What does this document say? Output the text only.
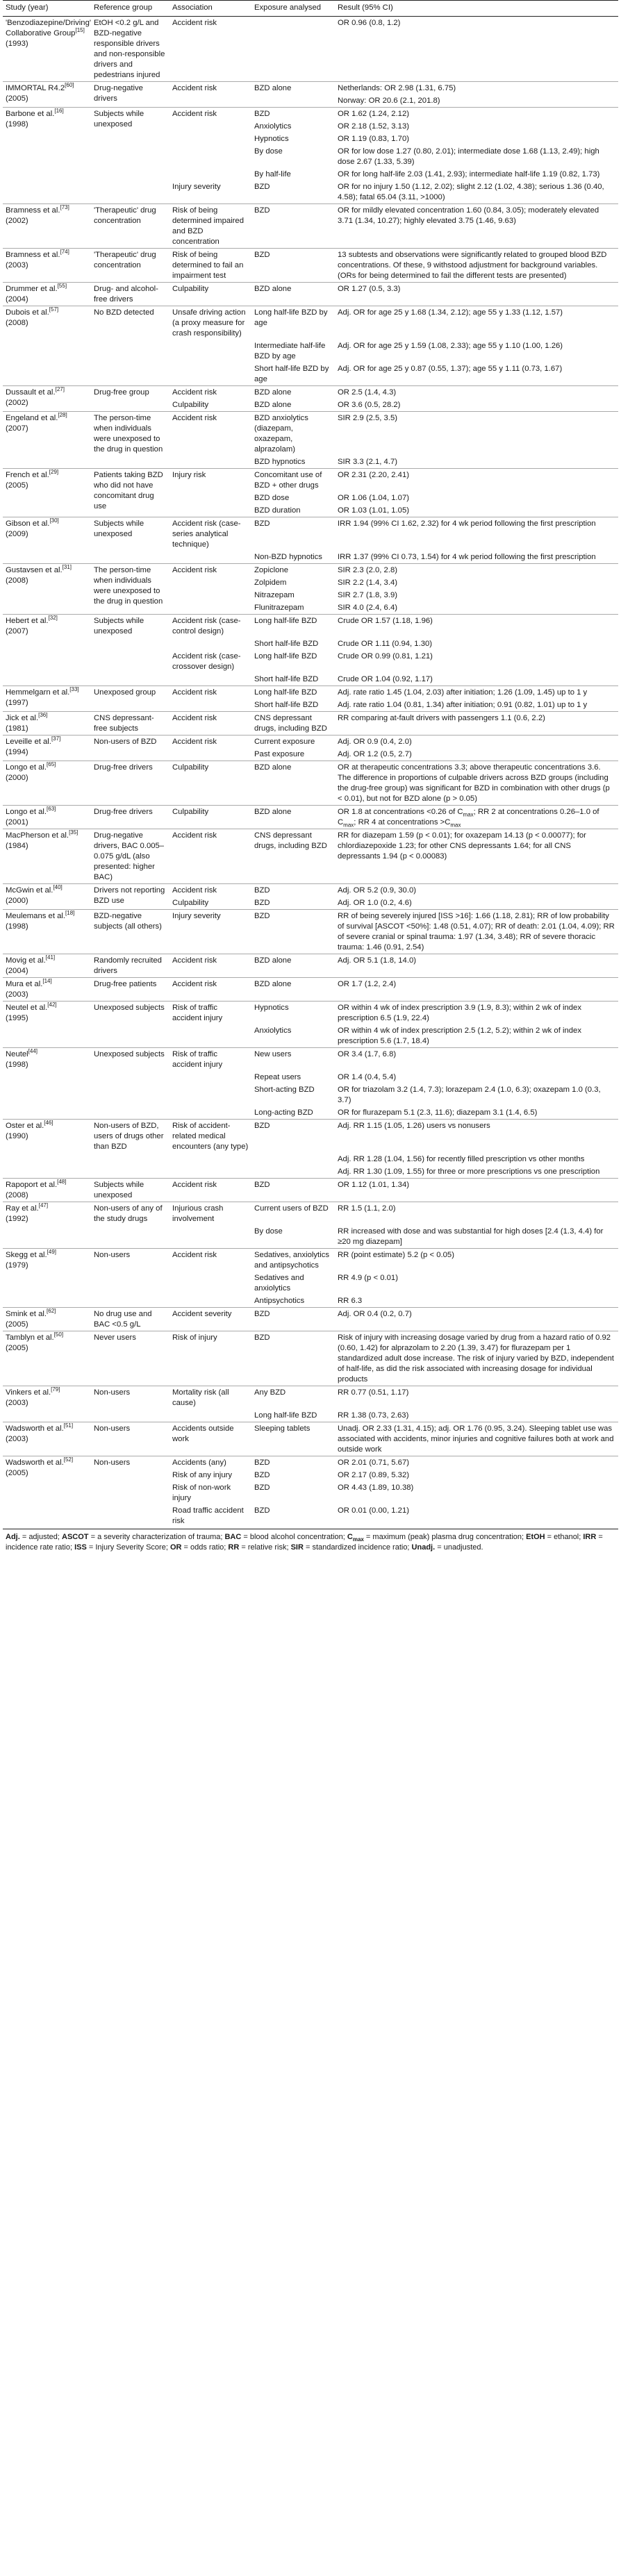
Study (year)	Reference group	Association	Exposure analysed	Result (95% CI)
'Benzodiazepine/Driving' Collaborative Group[15]
(1993)	EtOH <0.2 g/L and BZD-negative responsible drivers and non-responsible drivers and pedestrians injured	Accident risk		OR 0.96 (0.8, 1.2)
IMMORTAL R4.2[60]
(2005)	Drug-negative drivers	Accident risk	BZD alone	Netherlands: OR 2.98 (1.31, 6.75)
				Norway: OR 20.6 (2.1, 201.8)
Barbone et al.[16]
(1998)	Subjects while unexposed	Accident risk	BZD	OR 1.62 (1.24, 2.12)
			Anxiolytics	OR 2.18 (1.52, 3.13)
			Hypnotics	OR 1.19 (0.83, 1.70)
			By dose	OR for low dose 1.27 (0.80, 2.01); intermediate dose 1.68 (1.13, 2.49); high dose 2.67 (1.33, 5.39)
			By half-life	OR for long half-life 2.03 (1.41, 2.93); intermediate half-life 1.19 (0.82, 1.73)
		Injury severity	BZD	OR for no injury 1.50 (1.12, 2.02); slight 2.12 (1.02, 4.38); serious 1.36 (0.40, 4.58); fatal 65.04 (3.11, >1000)
Bramness et al.[73]
(2002)	'Therapeutic' drug concentration	Risk of being determined impaired and BZD concentration	BZD	OR for mildly elevated concentration 1.60 (0.84, 3.05); moderately elevated 3.71 (1.34, 10.27); highly elevated 3.75 (1.46, 9.63)
Bramness et al.[74]
(2003)	'Therapeutic' drug concentration	Risk of being determined to fail an impairment test	BZD	13 subtests and observations were significantly related to grouped blood BZD concentrations. Of these, 9 withstood adjustment for background variables. (ORs for being determined to fail the different tests are presented)
Drummer et al.[55]
(2004)	Drug- and alcohol-free drivers	Culpability	BZD alone	OR 1.27 (0.5, 3.3)
Dubois et al.[57]
(2008)	No BZD detected	Unsafe driving action (a proxy measure for crash responsibility)	Long half-life BZD by age	Adj. OR for age 25 y 1.68 (1.34, 2.12); age 55 y 1.33 (1.12, 1.57)
			Intermediate half-life BZD by age	Adj. OR for age 25 y 1.59 (1.08, 2.33); age 55 y 1.10 (1.00, 1.26)
			Short half-life BZD by age	Adj. OR for age 25 y 0.87 (0.55, 1.37); age 55 y 1.11 (0.73, 1.67)
Dussault et al.[27]
(2002)	Drug-free group	Accident risk	BZD alone	OR 2.5 (1.4, 4.3)
		Culpability	BZD alone	OR 3.6 (0.5, 28.2)
Engeland et al.[28]
(2007)	The person-time when individuals were unexposed to the drug in question	Accident risk	BZD anxiolytics (diazepam, oxazepam, alprazolam)	SIR 2.9 (2.5, 3.5)
			BZD hypnotics	SIR 3.3 (2.1, 4.7)
French et al.[29]
(2005)	Patients taking BZD who did not have concomitant drug use	Injury risk	Concomitant use of BZD + other drugs	OR 2.31 (2.20, 2.41)
			BZD dose	OR 1.06 (1.04, 1.07)
			BZD duration	OR 1.03 (1.01, 1.05)
Gibson et al.[30]
(2009)	Subjects while unexposed	Accident risk (case-series analytical technique)	BZD	IRR 1.94 (99% CI 1.62, 2.32) for 4 wk period following the first prescription
			Non-BZD hypnotics	IRR 1.37 (99% CI 0.73, 1.54) for 4 wk period following the first prescription
Gustavsen et al.[31]
(2008)	The person-time when individuals were unexposed to the drug in question	Accident risk	Zopiclone	SIR 2.3 (2.0, 2.8)
			Zolpidem	SIR 2.2 (1.4, 3.4)
			Nitrazepam	SIR 2.7 (1.8, 3.9)
			Flunitrazepam	SIR 4.0 (2.4, 6.4)
Hebert et al.[32]
(2007)	Subjects while unexposed	Accident risk (case-control design)	Long half-life BZD	Crude OR 1.57 (1.18, 1.96)
			Short half-life BZD	Crude OR 1.11 (0.94, 1.30)
		Accident risk (case-crossover design)	Long half-life BZD	Crude OR 0.99 (0.81, 1.21)
			Short half-life BZD	Crude OR 1.04 (0.92, 1.17)
Hemmelgarn et al.[33]
(1997)	Unexposed group	Accident risk	Long half-life BZD	Adj. rate ratio 1.45 (1.04, 2.03) after initiation; 1.26 (1.09, 1.45) up to 1 y
			Short half-life BZD	Adj. rate ratio 1.04 (0.81, 1.34) after initiation; 0.91 (0.82, 1.01) up to 1 y
Jick et al.[36]
(1981)	CNS depressant-free subjects	Accident risk	CNS depressant drugs, including BZD	RR comparing at-fault drivers with passengers 1.1 (0.6, 2.2)
Leveille et al.[37]
(1994)	Non-users of BZD	Accident risk	Current exposure	Adj. OR 0.9 (0.4, 2.0)
			Past exposure	Adj. OR 1.2 (0.5, 2.7)
Longo et al.[65]
(2000)	Drug-free drivers	Culpability	BZD alone	OR at therapeutic concentrations 3.3; above therapeutic concentrations 3.6. The difference in proportions of culpable drivers across BZD groups (including the drug-free group) was significant for BZD in combination with other drugs (p < 0.01), but not for BZD alone (p > 0.05)
Longo et al.[63]
(2001)	Drug-free drivers	Culpability	BZD alone	OR 1.8 at concentrations <0.26 of $C_{max}$; RR 2 at concentrations 0.26–1.0 of $C_{max}$; RR 4 at concentrations $>C_{max}$
MacPherson et al.[35]
(1984)	Drug-negative drivers, BAC 0.005–0.075 g/dL (also presented: higher BAC)	Accident risk	CNS depressant drugs, including BZD	RR for diazepam 1.59 (p < 0.01); for oxazepam 14.13 (p < 0.00077); for chlordiazepoxide 1.23; for other CNS depressants 1.64; for all CNS depressants 1.94 (p < 0.00083)
McGwin et al.[40]
(2000)	Drivers not reporting BZD use	Accident risk	BZD	Adj. OR 5.2 (0.9, 30.0)
		Culpability	BZD	Adj. OR 1.0 (0.2, 4.6)
Meulemans et al.[18]
(1998)	BZD-negative subjects (all others)	Injury severity	BZD	RR of being severely injured [ISS >16]: 1.66 (1.18, 2.81); RR of low probability of survival [ASCOT <50%]: 1.48 (0.51, 4.07); RR of death: 2.01 (1.04, 4.09); RR of severe cranial or spinal trauma: 1.97 (1.34, 3.48); RR of severe thoracic trauma: 1.46 (0.91, 2.54)
Movig et al.[41]
(2004)	Randomly recruited drivers	Accident risk	BZD alone	Adj. OR 5.1 (1.8, 14.0)
Mura et al.[14]
(2003)	Drug-free patients	Accident risk	BZD alone	OR 1.7 (1.2, 2.4)
Neutel et al.[42]
(1995)	Unexposed subjects	Risk of traffic accident injury	Hypnotics	OR within 4 wk of index prescription 3.9 (1.9, 8.3); within 2 wk of index prescription 6.5 (1.9, 22.4)
			Anxiolytics	OR within 4 wk of index prescription 2.5 (1.2, 5.2); within 2 wk of index prescription 5.6 (1.7, 18.4)
Neutel[44]
(1998)	Unexposed subjects	Risk of traffic accident injury	New users	OR 3.4 (1.7, 6.8)
			Repeat users	OR 1.4 (0.4, 5.4)
			Short-acting BZD	OR for triazolam 3.2 (1.4, 7.3); lorazepam 2.4 (1.0, 6.3); oxazepam 1.0 (0.3, 3.7)
			Long-acting BZD	OR for flurazepam 5.1 (2.3, 11.6); diazepam 3.1 (1.4, 6.5)
Oster et al.[46]
(1990)	Non-users of BZD, users of drugs other than BZD	Risk of accident-related medical encounters (any type)	BZD	Adj. RR 1.15 (1.05, 1.26) users vs nonusers
				Adj. RR 1.28 (1.04, 1.56) for recently filled prescription vs other months
				Adj. RR 1.30 (1.09, 1.55) for three or more prescriptions vs one prescription
Rapoport et al.[48]
(2008)	Subjects while unexposed	Accident risk	BZD	OR 1.12 (1.01, 1.34)
Ray et al.[47]
(1992)	Non-users of any of the study drugs	Injurious crash involvement	Current users of BZD	RR 1.5 (1.1, 2.0)
			By dose	RR increased with dose and was substantial for high doses [2.4 (1.3, 4.4) for ≥20 mg diazepam]
Skegg et al.[49]
(1979)	Non-users	Accident risk	Sedatives, anxiolytics and antipsychotics	RR (point estimate) 5.2 (p < 0.05)
			Sedatives and anxiolytics	RR 4.9 (p < 0.01)
			Antipsychotics	RR 6.3
Smink et al.[62]
(2005)	No drug use and BAC <0.5 g/L	Accident severity	BZD	Adj. OR 0.4 (0.2, 0.7)
Tamblyn et al.[50]
(2005)	Never users	Risk of injury	BZD	Risk of injury with increasing dosage varied by drug from a hazard ratio of 0.92 (0.60, 1.42) for alprazolam to 2.20 (1.39, 3.47) for flurazepam per 1 standardized adult dose increase. The risk of injury varied by BZD, independent of half-life, as did the risk associated with increasing dosage for individual products
Vinkers et al.[79]
(2003)	Non-users	Mortality risk (all cause)	Any BZD	RR 0.77 (0.51, 1.17)
			Long half-life BZD	RR 1.38 (0.73, 2.63)
Wadsworth et al.[51]
(2003)	Non-users	Accidents outside work	Sleeping tablets	Unadj. OR 2.33 (1.31, 4.15); adj. OR 1.76 (0.95, 3.24). Sleeping tablet use was associated with accidents, minor injuries and cognitive failures both at work and outside work
Wadsworth et al.[52]
(2005)	Non-users	Accidents (any)	BZD	OR 2.01 (0.71, 5.67)
		Risk of any injury	BZD	OR 2.17 (0.89, 5.32)
		Risk of non-work injury	BZD	OR 4.43 (1.89, 10.38)
		Road traffic accident risk	BZD	OR 0.01 (0.00, 1.21)
Adj. = adjusted; ASCOT = a severity characterization of trauma; BAC = blood alcohol concentration; $C_{max}$ = maximum (peak) plasma drug concentration; EtOH = ethanol; IRR = incidence rate ratio; ISS = Injury Severity Score; OR = odds ratio; RR = relative risk; SIR = standardized incidence ratio; Unadj. = unadjusted.
